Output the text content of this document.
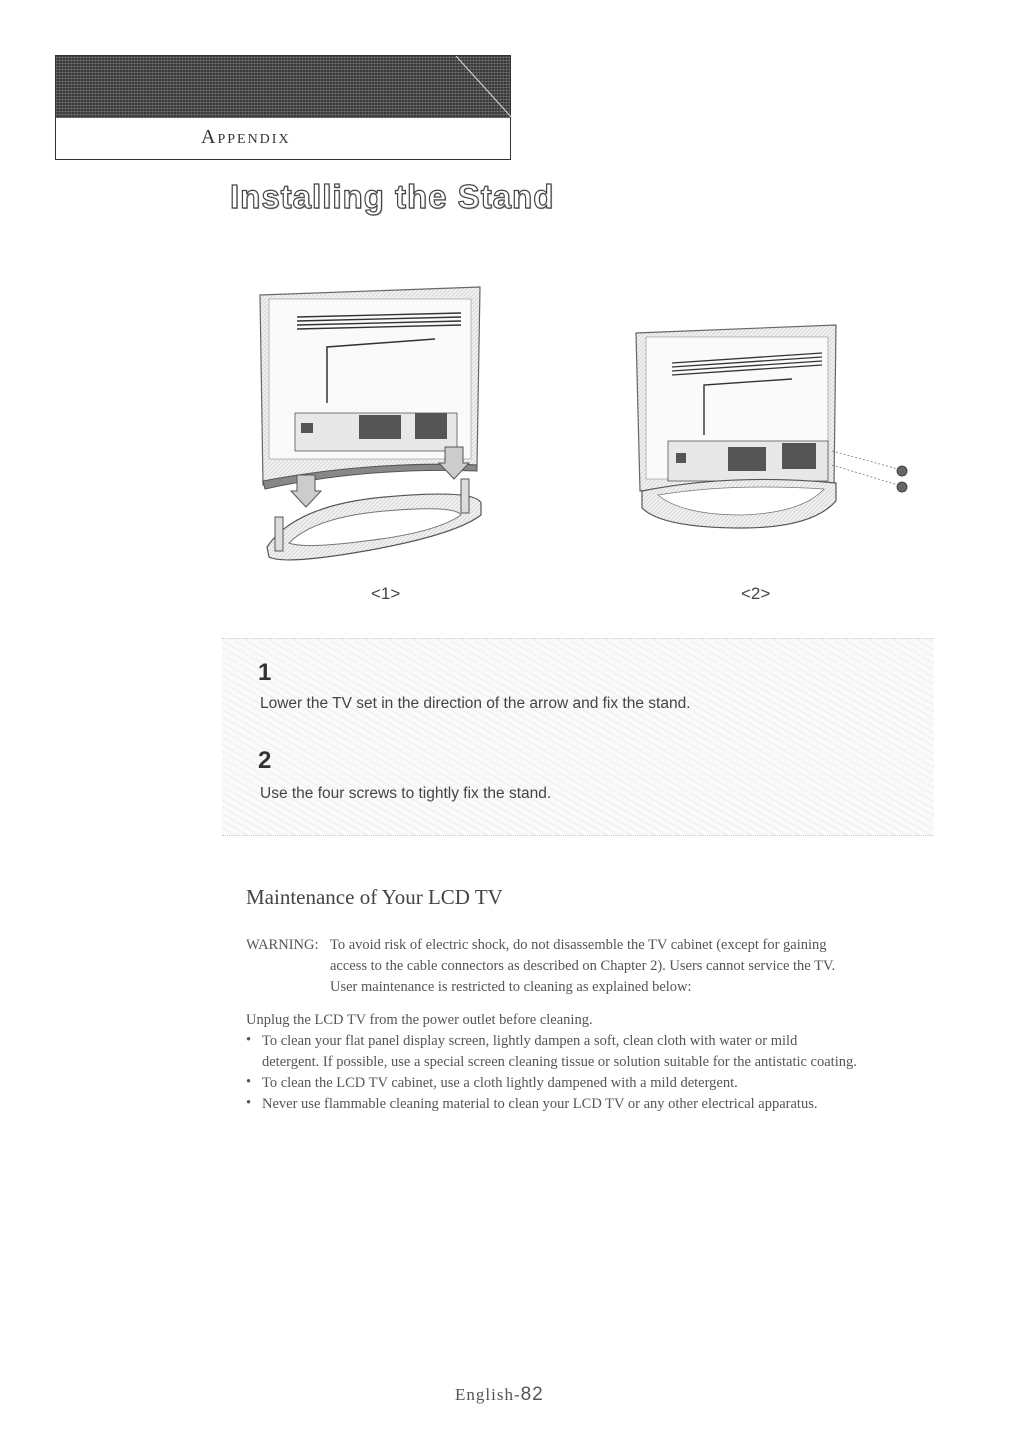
Appendix
Installing the Stand
<1>	<2>
1
Lower the TV set in the direction of the arrow and fix the stand.
2
Use the four screws to tightly fix the stand.
Maintenance of Your LCD TV
WARNING: To avoid risk of electric shock, do not disassemble the TV cabinet (except for gaining
access to the cable connectors as described on Chapter 2). Users cannot service the TV.
User maintenance is restricted to cleaning as explained below:
Unplug the LCD TV from the power outlet before cleaning.
• To clean your flat panel display screen, lightly dampen a soft, clean cloth with water or mild
detergent. If possible, use a special screen cleaning tissue or solution suitable for the antistatic coating.
• To clean the LCD TV cabinet, use a cloth lightly dampened with a mild detergent.
• Never use flammable cleaning material to clean your LCD TV or any other electrical apparatus.
English-82
